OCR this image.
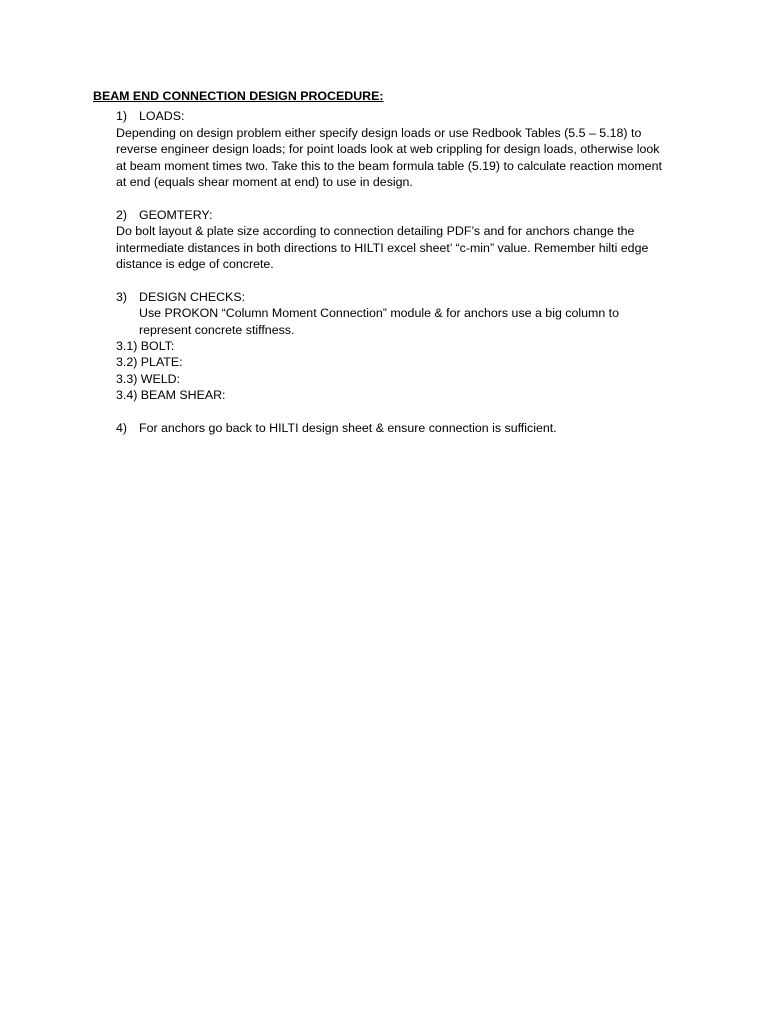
BEAM END CONNECTION DESIGN PROCEDURE:
1) LOADS:

Depending on design problem either specify design loads or use Redbook Tables (5.5 – 5.18) to reverse engineer design loads; for point loads look at web crippling for design loads, otherwise look at beam moment times two. Take this to the beam formula table (5.19) to calculate reaction moment at end (equals shear moment at end) to use in design.

2) GEOMTERY:

Do bolt layout & plate size according to connection detailing PDF’s and for anchors change the intermediate distances in both directions to HILTI excel sheet’ “c-min” value. Remember hilti edge distance is edge of concrete.

3) DESIGN CHECKS:

Use PROKON “Column Moment Connection” module & for anchors use a big column to represent concrete stiffness.

3.1) BOLT:
3.2) PLATE:
3.3) WELD:
3.4) BEAM SHEAR:
4) For anchors go back to HILTI design sheet & ensure connection is sufficient.
